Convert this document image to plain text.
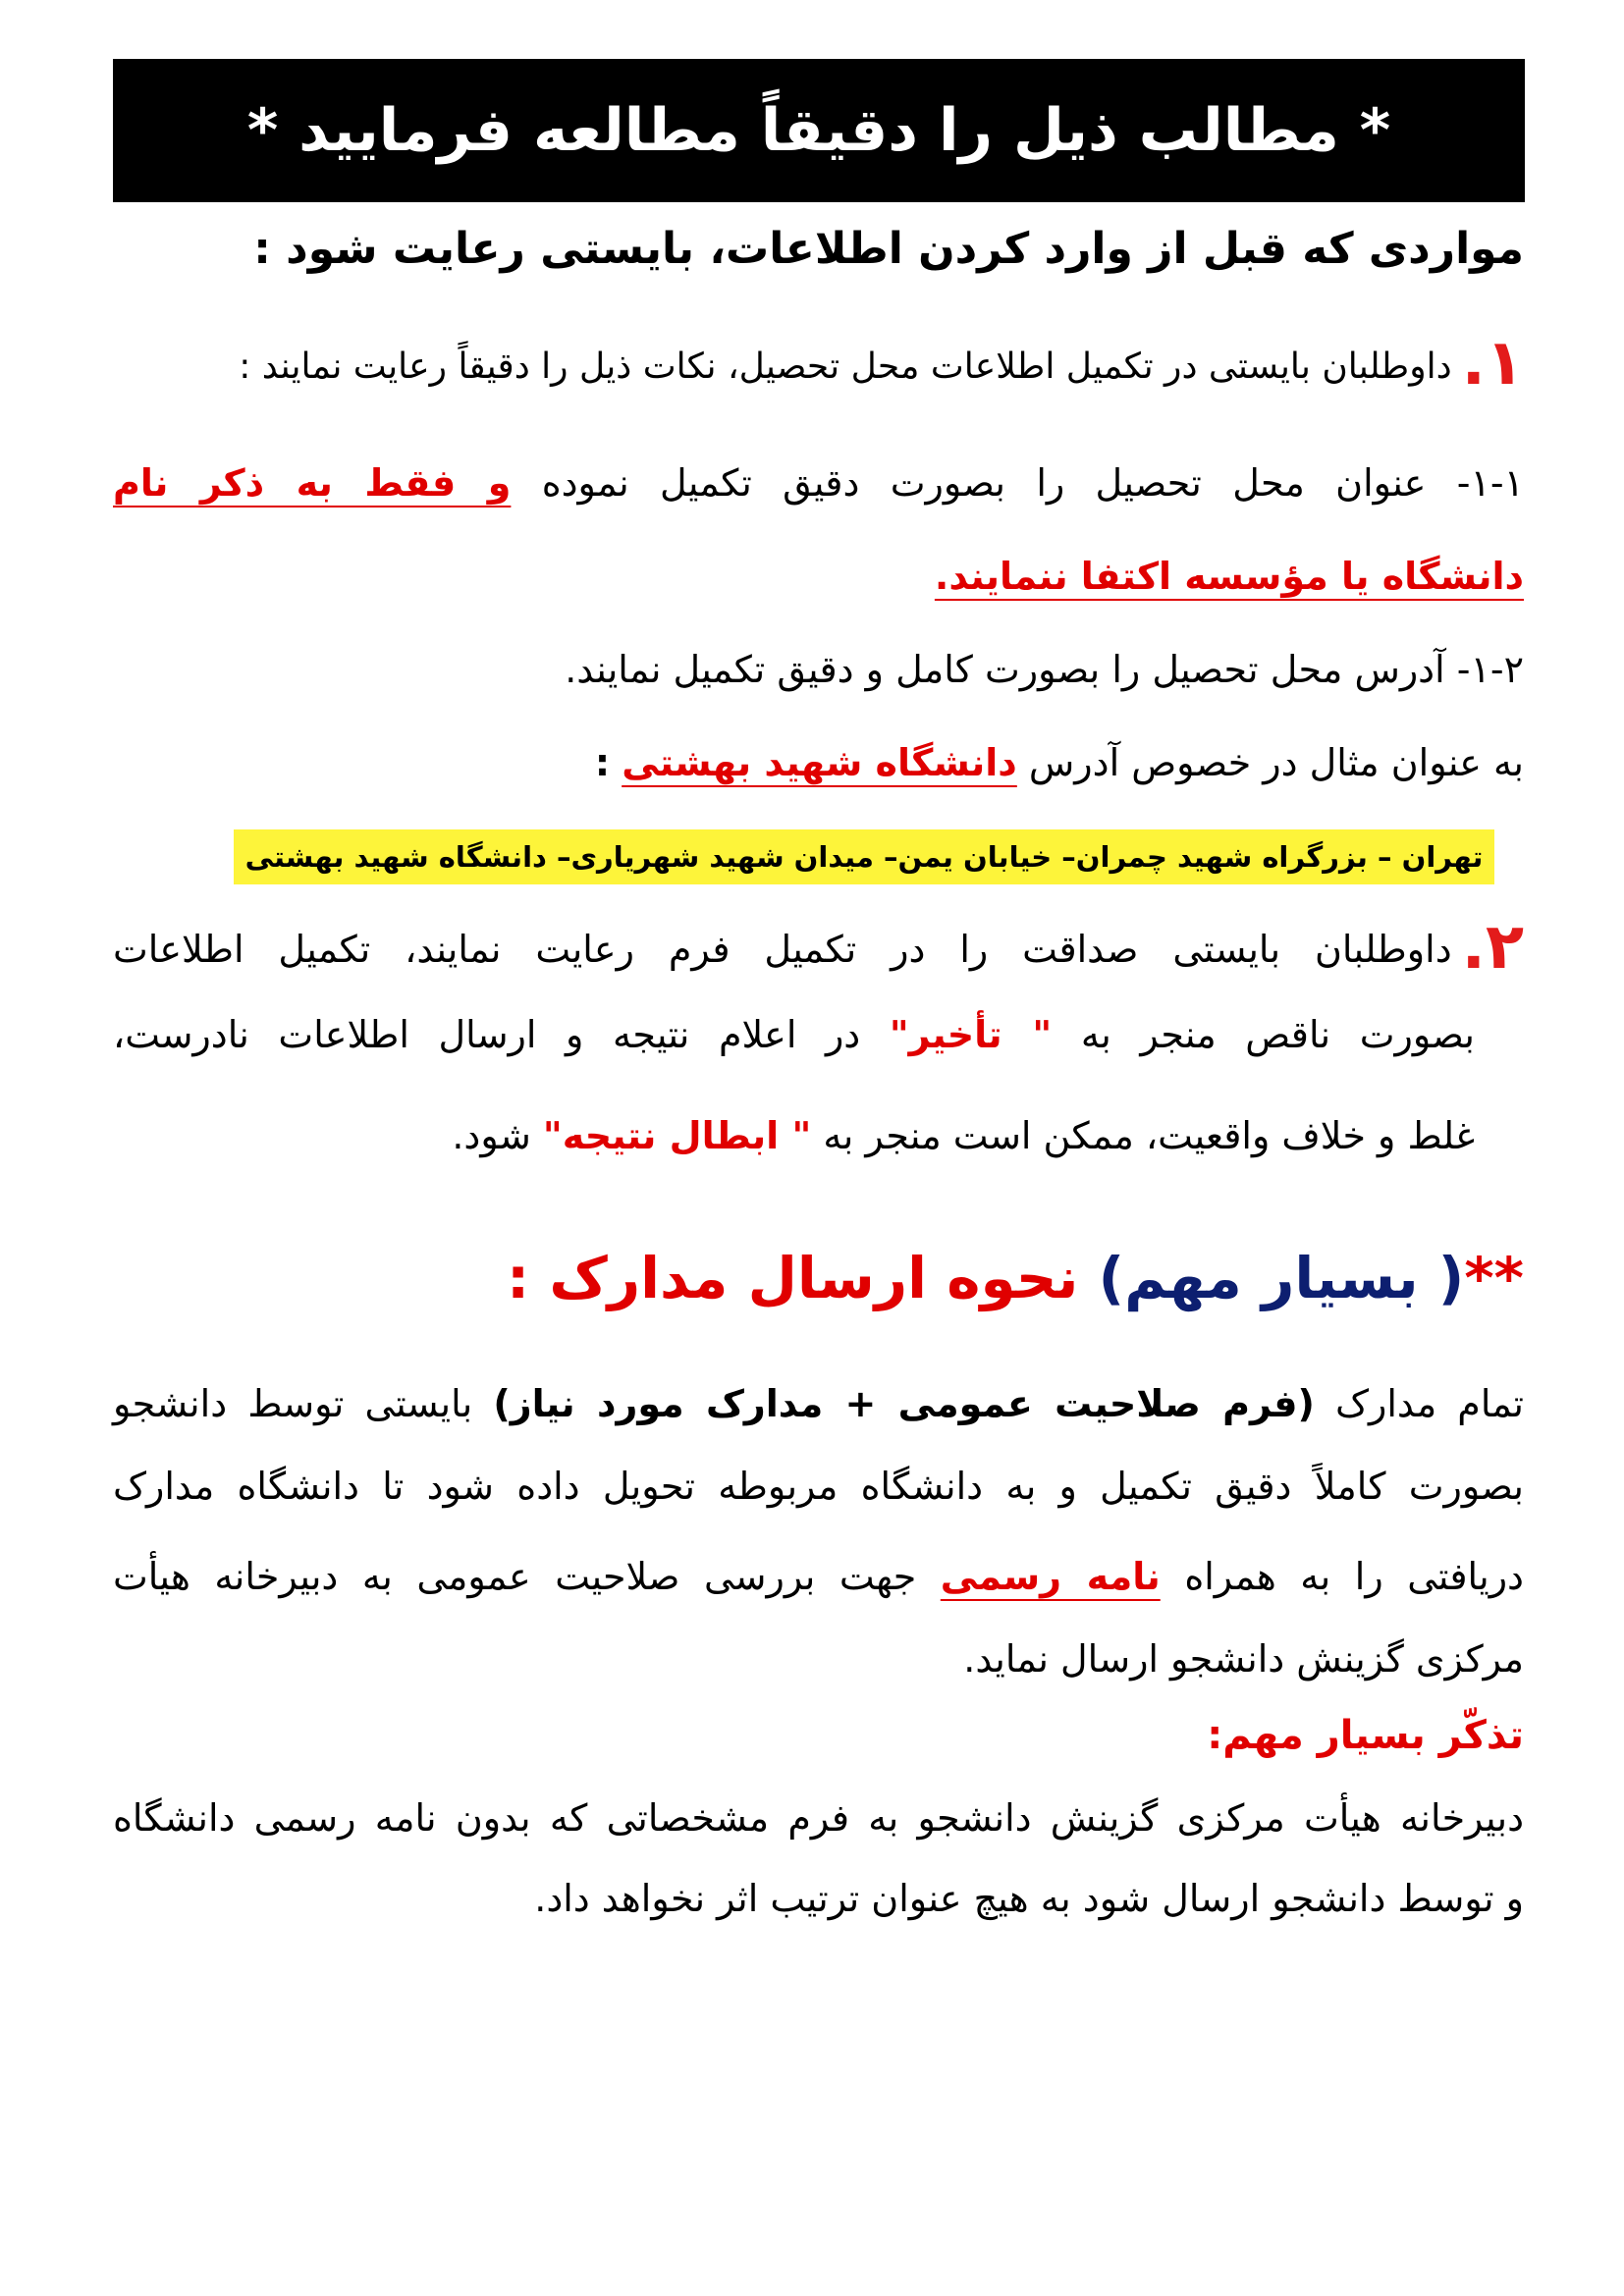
* مطالب ذیل را دقیقاً مطالعه فرمایید *
مواردی که قبل از وارد کردن اطلاعات، بایستی رعایت شود :
۱.داوطلبان بایستی در تکمیل اطلاعات محل تحصیل، نکات ذیل را دقیقاً رعایت نمایند :
۱-۱- عنوان محل تحصیل را بصورت دقیق تکمیل نموده و فقط به ذکر نام
دانشگاه یا مؤسسه اکتفا ننمایند.
۱-۲- آدرس محل تحصیل را بصورت کامل و دقیق تکمیل نمایند.
به عنوان مثال در خصوص آدرس دانشگاه شهید بهشتی :
تهران – بزرگراه شهید چمران– خیابان یمن– میدان شهید شهریاری– دانشگاه شهید بهشتی
۲.داوطلبان بایستی صداقت را در تکمیل فرم رعایت نمایند، تکمیل اطلاعات
بصورت ناقص منجر به " تأخیر" در اعلام نتیجه و ارسال اطلاعات نادرست،
غلط و خلاف واقعیت، ممکن است منجر به " ابطال نتیجه" شود.
**( بسیار مهم) نحوه ارسال مدارک :
تمام مدارک (فرم صلاحیت عمومی + مدارک مورد نیاز) بایستی توسط دانشجو
بصورت کاملاً دقیق تکمیل و به دانشگاه مربوطه تحویل داده شود تا دانشگاه مدارک
دریافتی را به همراه نامه رسمی جهت بررسی صلاحیت عمومی به دبیرخانه هیأت
مرکزی گزینش دانشجو ارسال نماید.
تذکّر بسیار مهم:
دبیرخانه هیأت مرکزی گزینش دانشجو به فرم مشخصاتی که بدون نامه رسمی دانشگاه
و توسط دانشجو ارسال شود به هیچ عنوان ترتیب اثر نخواهد داد.
